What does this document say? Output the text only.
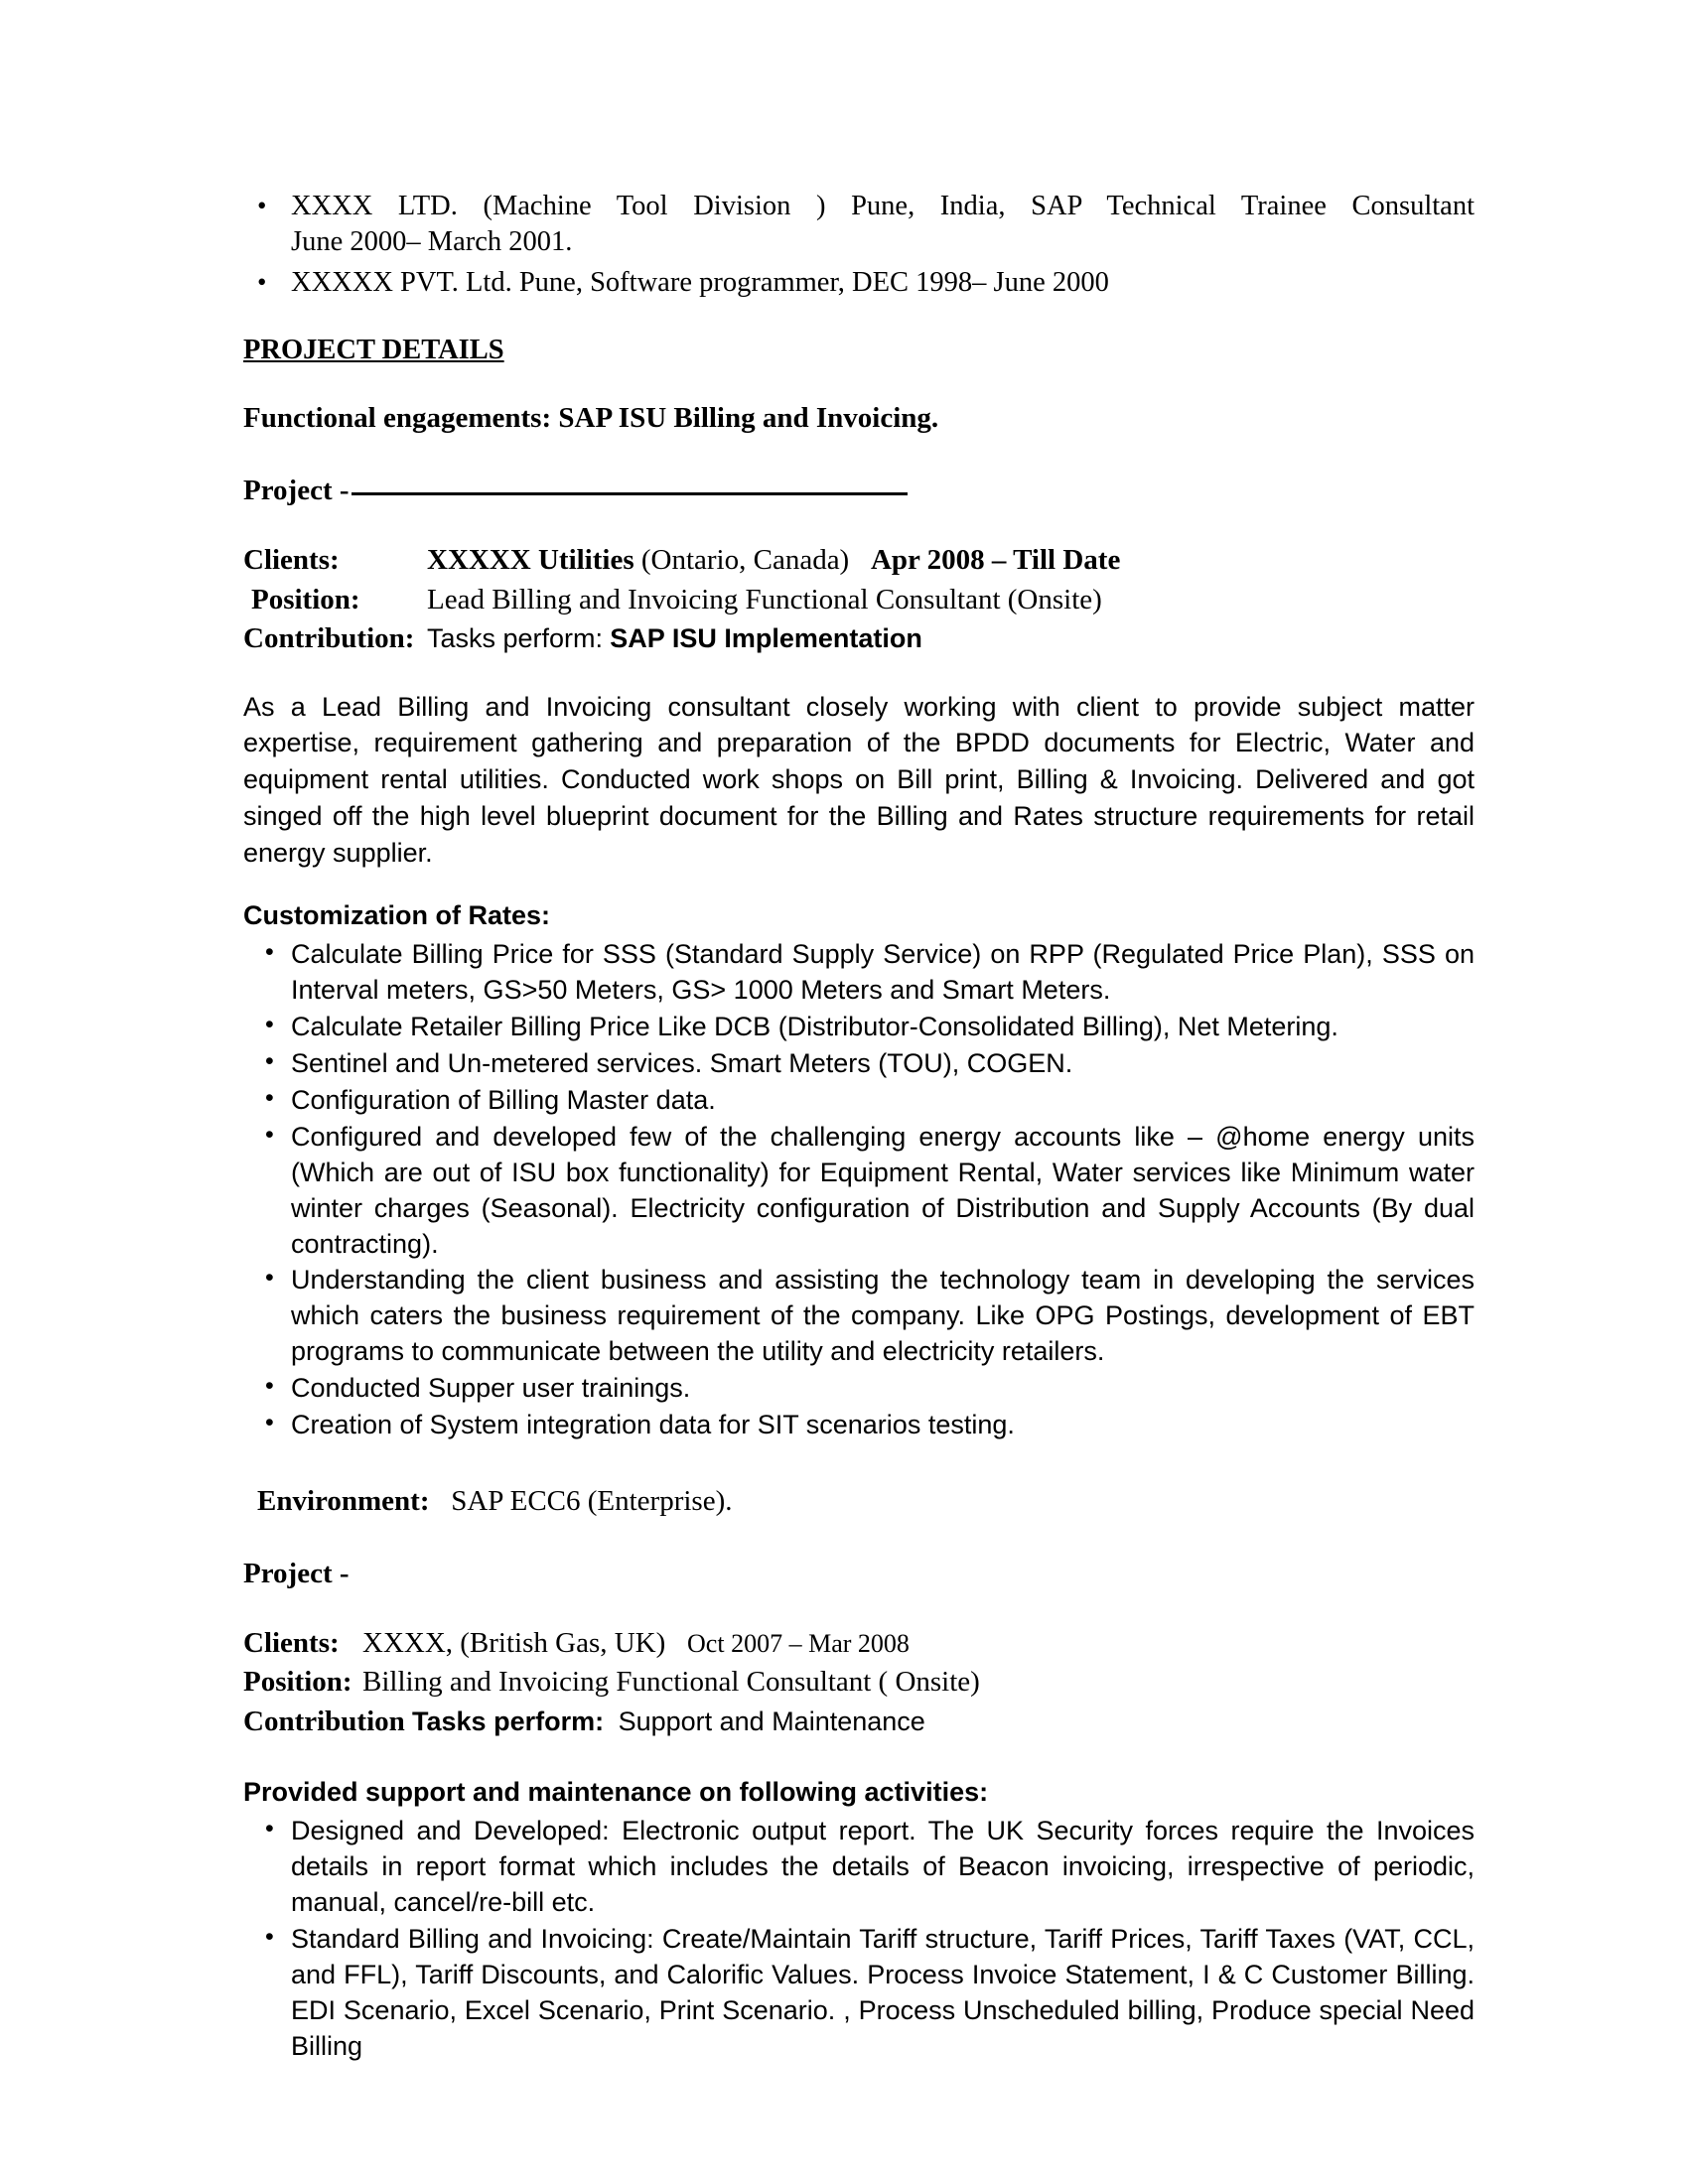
• XXXX LTD. (Machine Tool Division ) Pune, India, SAP Technical Trainee Consultant
June 2000– March 2001.
• XXXXX PVT. Ltd. Pune, Software programmer, DEC 1998– June 2000
PROJECT DETAILS
Functional engagements: SAP ISU Billing and Invoicing.
Project -
Clients:	XXXXX Utilities (Ontario, Canada) Apr 2008 – Till Date
Position: Lead Billing and Invoicing Functional Consultant (Onsite)
Contribution: Tasks perform: SAP ISU Implementation
As a Lead Billing and Invoicing consultant closely working with client to provide subject matter expertise, requirement gathering and preparation of the BPDD documents for Electric, Water and equipment rental utilities. Conducted work shops on Bill print, Billing & Invoicing. Delivered and got singed off the high level blueprint document for the Billing and Rates structure requirements for retail energy supplier.
Customization of Rates:
• Calculate Billing Price for SSS (Standard Supply Service) on RPP (Regulated Price Plan), SSS on Interval meters, GS>50 Meters, GS> 1000 Meters and Smart Meters.
• Calculate Retailer Billing Price Like DCB (Distributor-Consolidated Billing), Net Metering.
• Sentinel and Un-metered services. Smart Meters (TOU), COGEN.
• Configuration of Billing Master data.
• Configured and developed few of the challenging energy accounts like – @home energy units (Which are out of ISU box functionality) for Equipment Rental, Water services like Minimum water winter charges (Seasonal). Electricity configuration of Distribution and Supply Accounts (By dual contracting).
• Understanding the client business and assisting the technology team in developing the services which caters the business requirement of the company. Like OPG Postings, development of EBT programs to communicate between the utility and electricity retailers.
• Conducted Supper user trainings.
• Creation of System integration data for SIT scenarios testing.
Environment: SAP ECC6 (Enterprise).
Project -
Clients: XXXX, (British Gas, UK) Oct 2007 – Mar 2008
Position: Billing and Invoicing Functional Consultant ( Onsite)
Contribution Tasks perform: Support and Maintenance
Provided support and maintenance on following activities:
• Designed and Developed: Electronic output report. The UK Security forces require the Invoices details in report format which includes the details of Beacon invoicing, irrespective of periodic, manual, cancel/re-bill etc.
• Standard Billing and Invoicing: Create/Maintain Tariff structure, Tariff Prices, Tariff Taxes (VAT, CCL, and FFL), Tariff Discounts, and Calorific Values. Process Invoice Statement, I & C Customer Billing. EDI Scenario, Excel Scenario, Print Scenario. , Process Unscheduled billing, Produce special Need Billing
